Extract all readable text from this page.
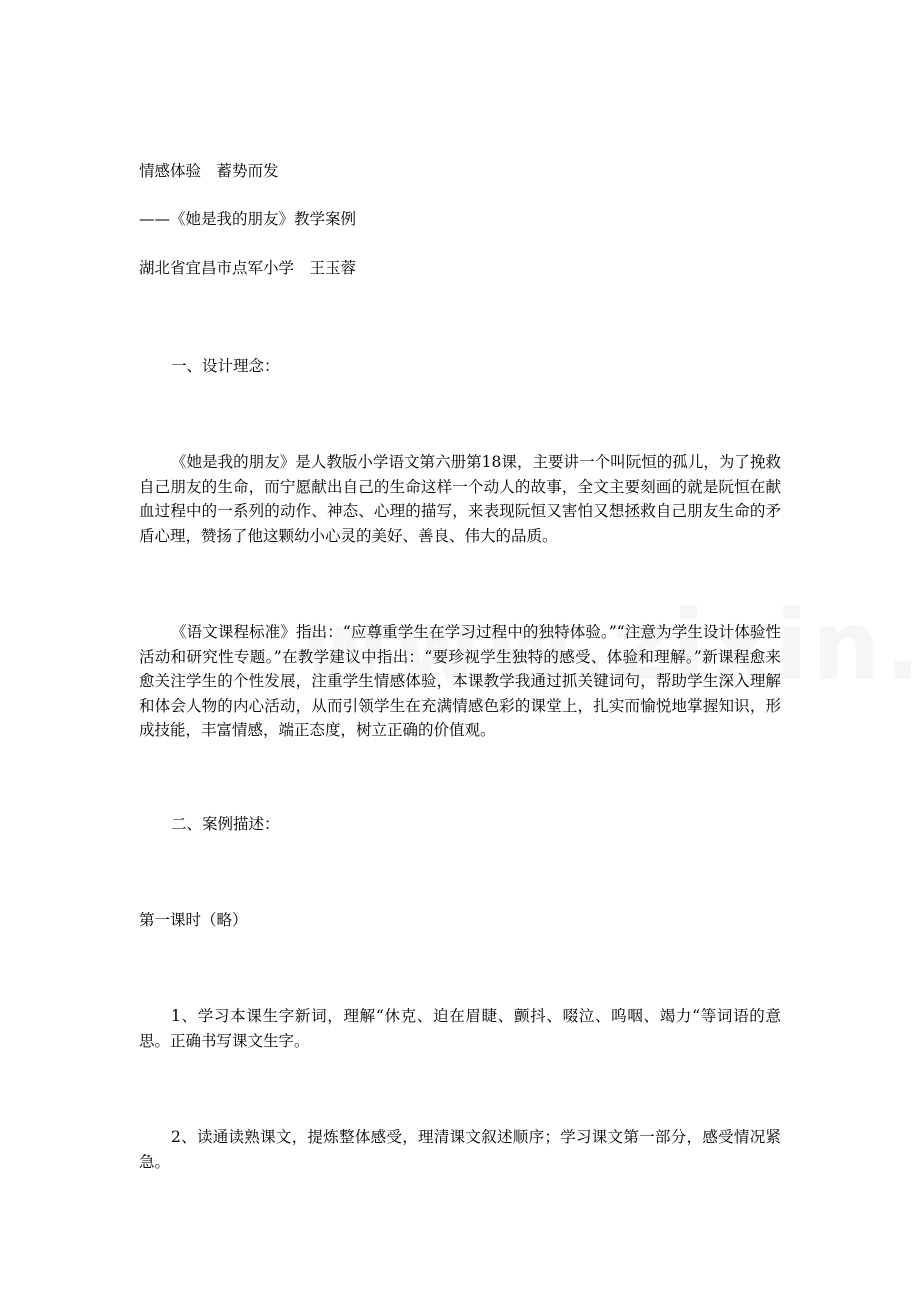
情感体验　蓄势而发
——《她是我的朋友》教学案例
湖北省宜昌市点军小学　王玉蓉
一、设计理念：

《她是我的朋友》是人教版小学语文第六册第18课，主要讲一个叫阮恒的孤儿，为了挽救自己朋友的生命，而宁愿献出自己的生命这样一个动人的故事，全文主要刻画的就是阮恒在献血过程中的一系列的动作、神态、心理的描写，来表现阮恒又害怕又想拯救自己朋友生命的矛盾心理，赞扬了他这颗幼小心灵的美好、善良、伟大的品质。

《语文课程标准》指出：“应尊重学生在学习过程中的独特体验。”“注意为学生设计体验性活动和研究性专题。”在教学建议中指出：“要珍视学生独特的感受、体验和理解。”新课程愈来愈关注学生的个性发展，注重学生情感体验，本课教学我通过抓关键词句，帮助学生深入理解和体会人物的内心活动，从而引领学生在充满情感色彩的课堂上，扎实而愉悦地掌握知识，形成技能，丰富情感，端正态度，树立正确的价值观。

二、案例描述：
第一课时（略）

1、学习本课生字新词，理解“休克、迫在眉睫、颤抖、啜泣、呜咽、竭力“等词语的意思。正确书写课文生字。

2、读通读熟课文，提炼整体感受，理清课文叙述顺序；学习课文第一部分，感受情况紧急。
